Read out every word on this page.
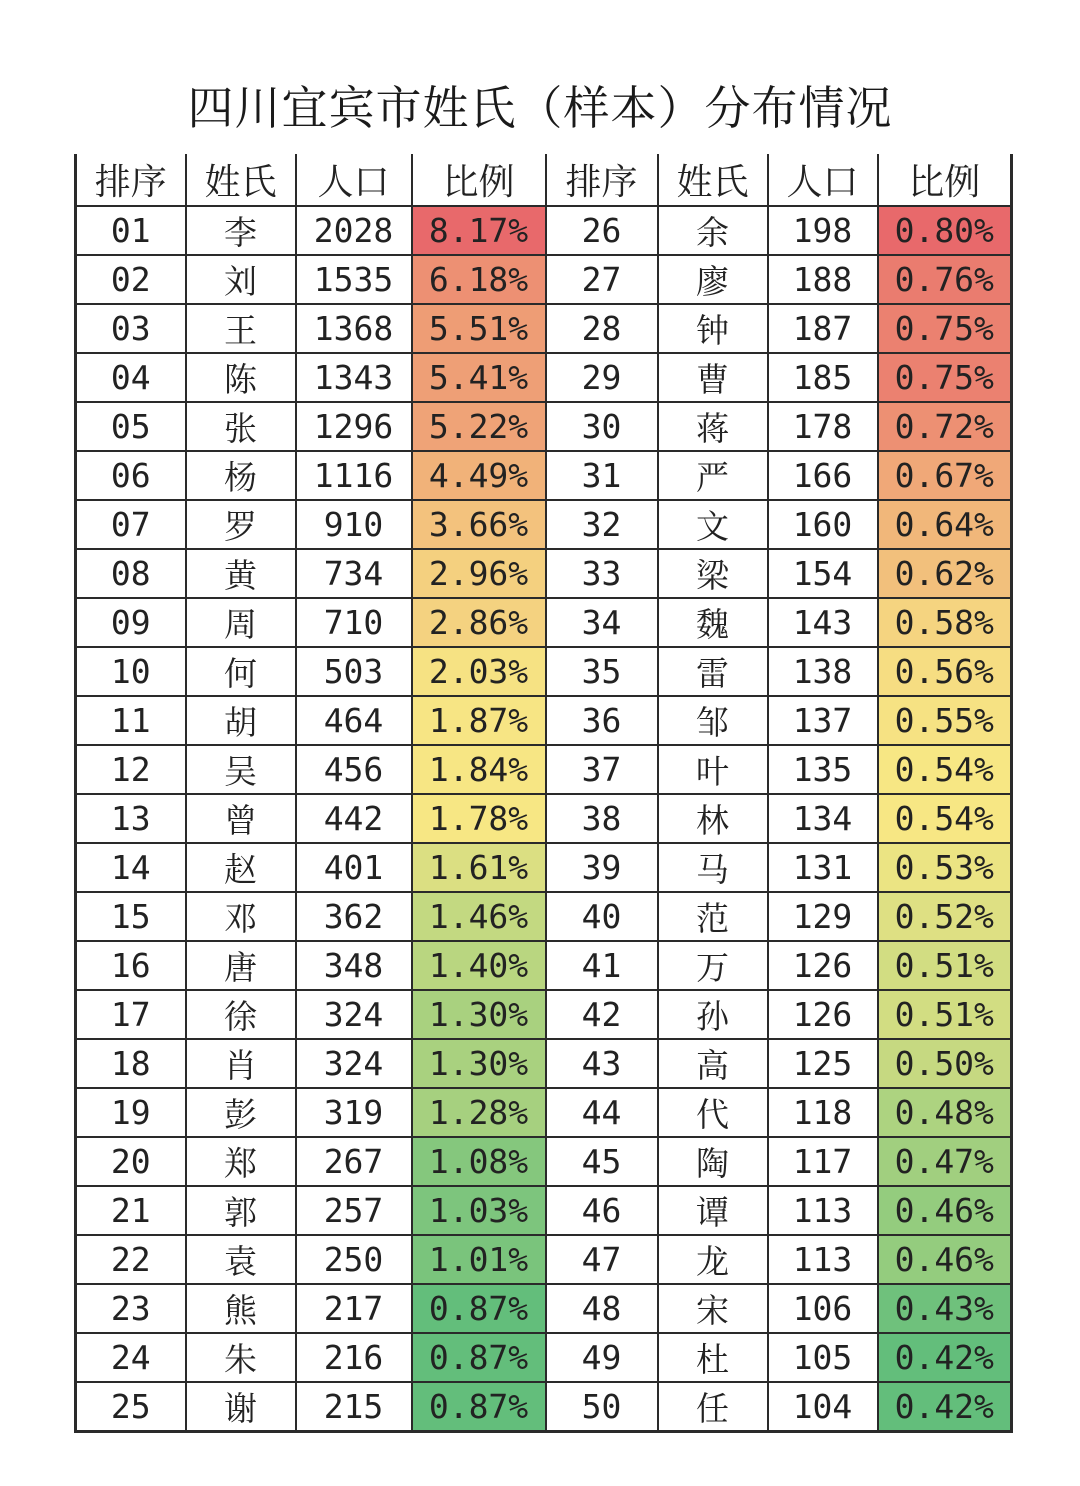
四川宜宾市姓氏（样本）分布情况
排序	姓氏	人口	比例	排序	姓氏	人口	比例
01	李	2028	8.17%	26	余	198	0.80%
02	刘	1535	6.18%	27	廖	188	0.76%
03	王	1368	5.51%	28	钟	187	0.75%
04	陈	1343	5.41%	29	曹	185	0.75%
05	张	1296	5.22%	30	蒋	178	0.72%
06	杨	1116	4.49%	31	严	166	0.67%
07	罗	910	3.66%	32	文	160	0.64%
08	黄	734	2.96%	33	梁	154	0.62%
09	周	710	2.86%	34	魏	143	0.58%
10	何	503	2.03%	35	雷	138	0.56%
11	胡	464	1.87%	36	邹	137	0.55%
12	吴	456	1.84%	37	叶	135	0.54%
13	曾	442	1.78%	38	林	134	0.54%
14	赵	401	1.61%	39	马	131	0.53%
15	邓	362	1.46%	40	范	129	0.52%
16	唐	348	1.40%	41	万	126	0.51%
17	徐	324	1.30%	42	孙	126	0.51%
18	肖	324	1.30%	43	高	125	0.50%
19	彭	319	1.28%	44	代	118	0.48%
20	郑	267	1.08%	45	陶	117	0.47%
21	郭	257	1.03%	46	谭	113	0.46%
22	袁	250	1.01%	47	龙	113	0.46%
23	熊	217	0.87%	48	宋	106	0.43%
24	朱	216	0.87%	49	杜	105	0.42%
25	谢	215	0.87%	50	任	104	0.42%
